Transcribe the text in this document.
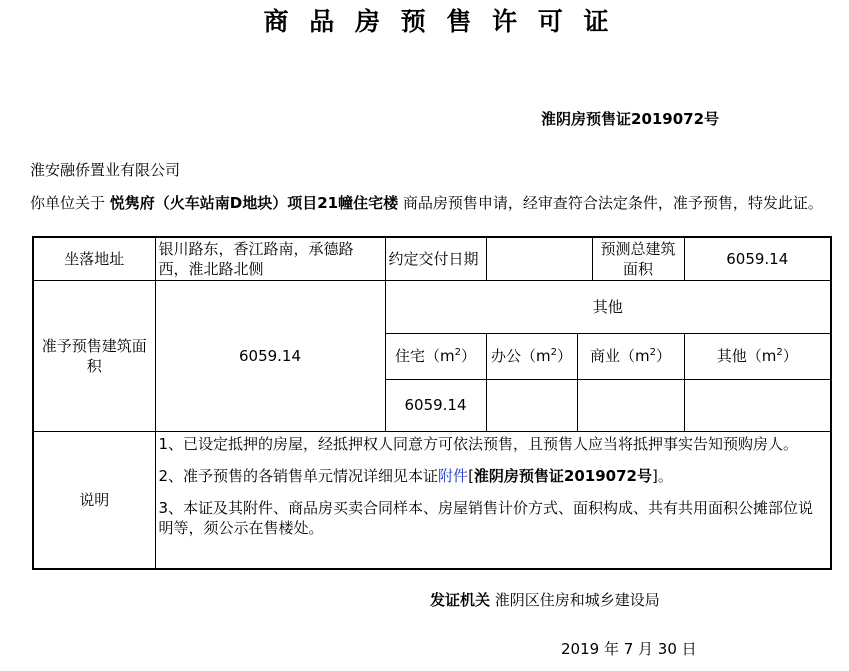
商 品 房 预 售 许 可 证
淮阴房预售证2019072号
淮安融侨置业有限公司
你单位关于 悦隽府（火车站南D地块）项目21幢住宅楼 商品房预售申请，经审查符合法定条件，准予预售，特发此证。
坐落地址	银川路东，香江路南，承德路西，淮北路北侧	约定交付日期			预测总建筑面积	6059.14
准予预售建筑面积	6059.14	其他				
		住宅$(m^2)$	办公$(m^2)$	商业$(m^2)$		其他$(m^2)$
		6059.14				
说明	1、已设定抵押的房屋，经抵押权人同意方可依法预售，且预售人应当将抵押事实告知预购房人。

2、准予预售的各销售单元情况详细见本证附件[淮阴房预售证2019072号]。

3、本证及其附件、商品房买卖合同样本、房屋销售计价方式、面积构成、共有共用面积公摊部位说明等，须公示在售楼处。					

发证机关 淮阴区住房和城乡建设局
2019 年 7 月 30 日
